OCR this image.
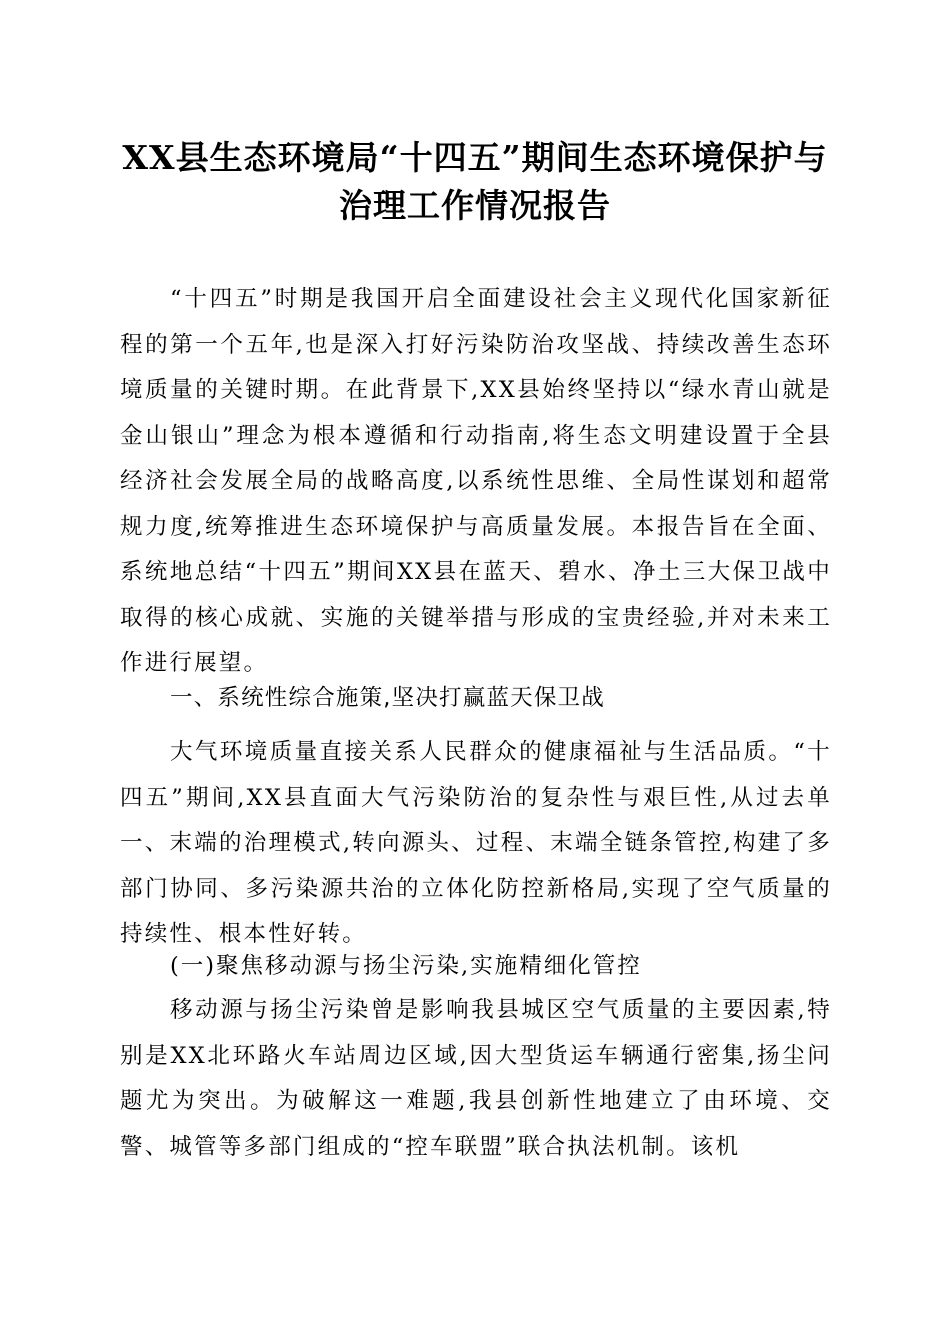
XX县生态环境局“十四五”期间生态环境保护与治理工作情况报告
“十四五”时期是我国开启全面建设社会主义现代化国家新征程的第一个五年,也是深入打好污染防治攻坚战、持续改善生态环境质量的关键时期。在此背景下,XX县始终坚持以“绿水青山就是金山银山”理念为根本遵循和行动指南,将生态文明建设置于全县经济社会发展全局的战略高度,以系统性思维、全局性谋划和超常规力度,统筹推进生态环境保护与高质量发展。本报告旨在全面、系统地总结“十四五”期间XX县在蓝天、碧水、净土三大保卫战中取得的核心成就、实施的关键举措与形成的宝贵经验,并对未来工作进行展望。
一、系统性综合施策,坚决打赢蓝天保卫战
大气环境质量直接关系人民群众的健康福祉与生活品质。“十四五”期间,XX县直面大气污染防治的复杂性与艰巨性,从过去单一、末端的治理模式,转向源头、过程、末端全链条管控,构建了多部门协同、多污染源共治的立体化防控新格局,实现了空气质量的持续性、根本性好转。
(一)聚焦移动源与扬尘污染,实施精细化管控
移动源与扬尘污染曾是影响我县城区空气质量的主要因素,特别是XX北环路火车站周边区域,因大型货运车辆通行密集,扬尘问题尤为突出。为破解这一难题,我县创新性地建立了由环境、交警、城管等多部门组成的“控车联盟”联合执法机制。该机
